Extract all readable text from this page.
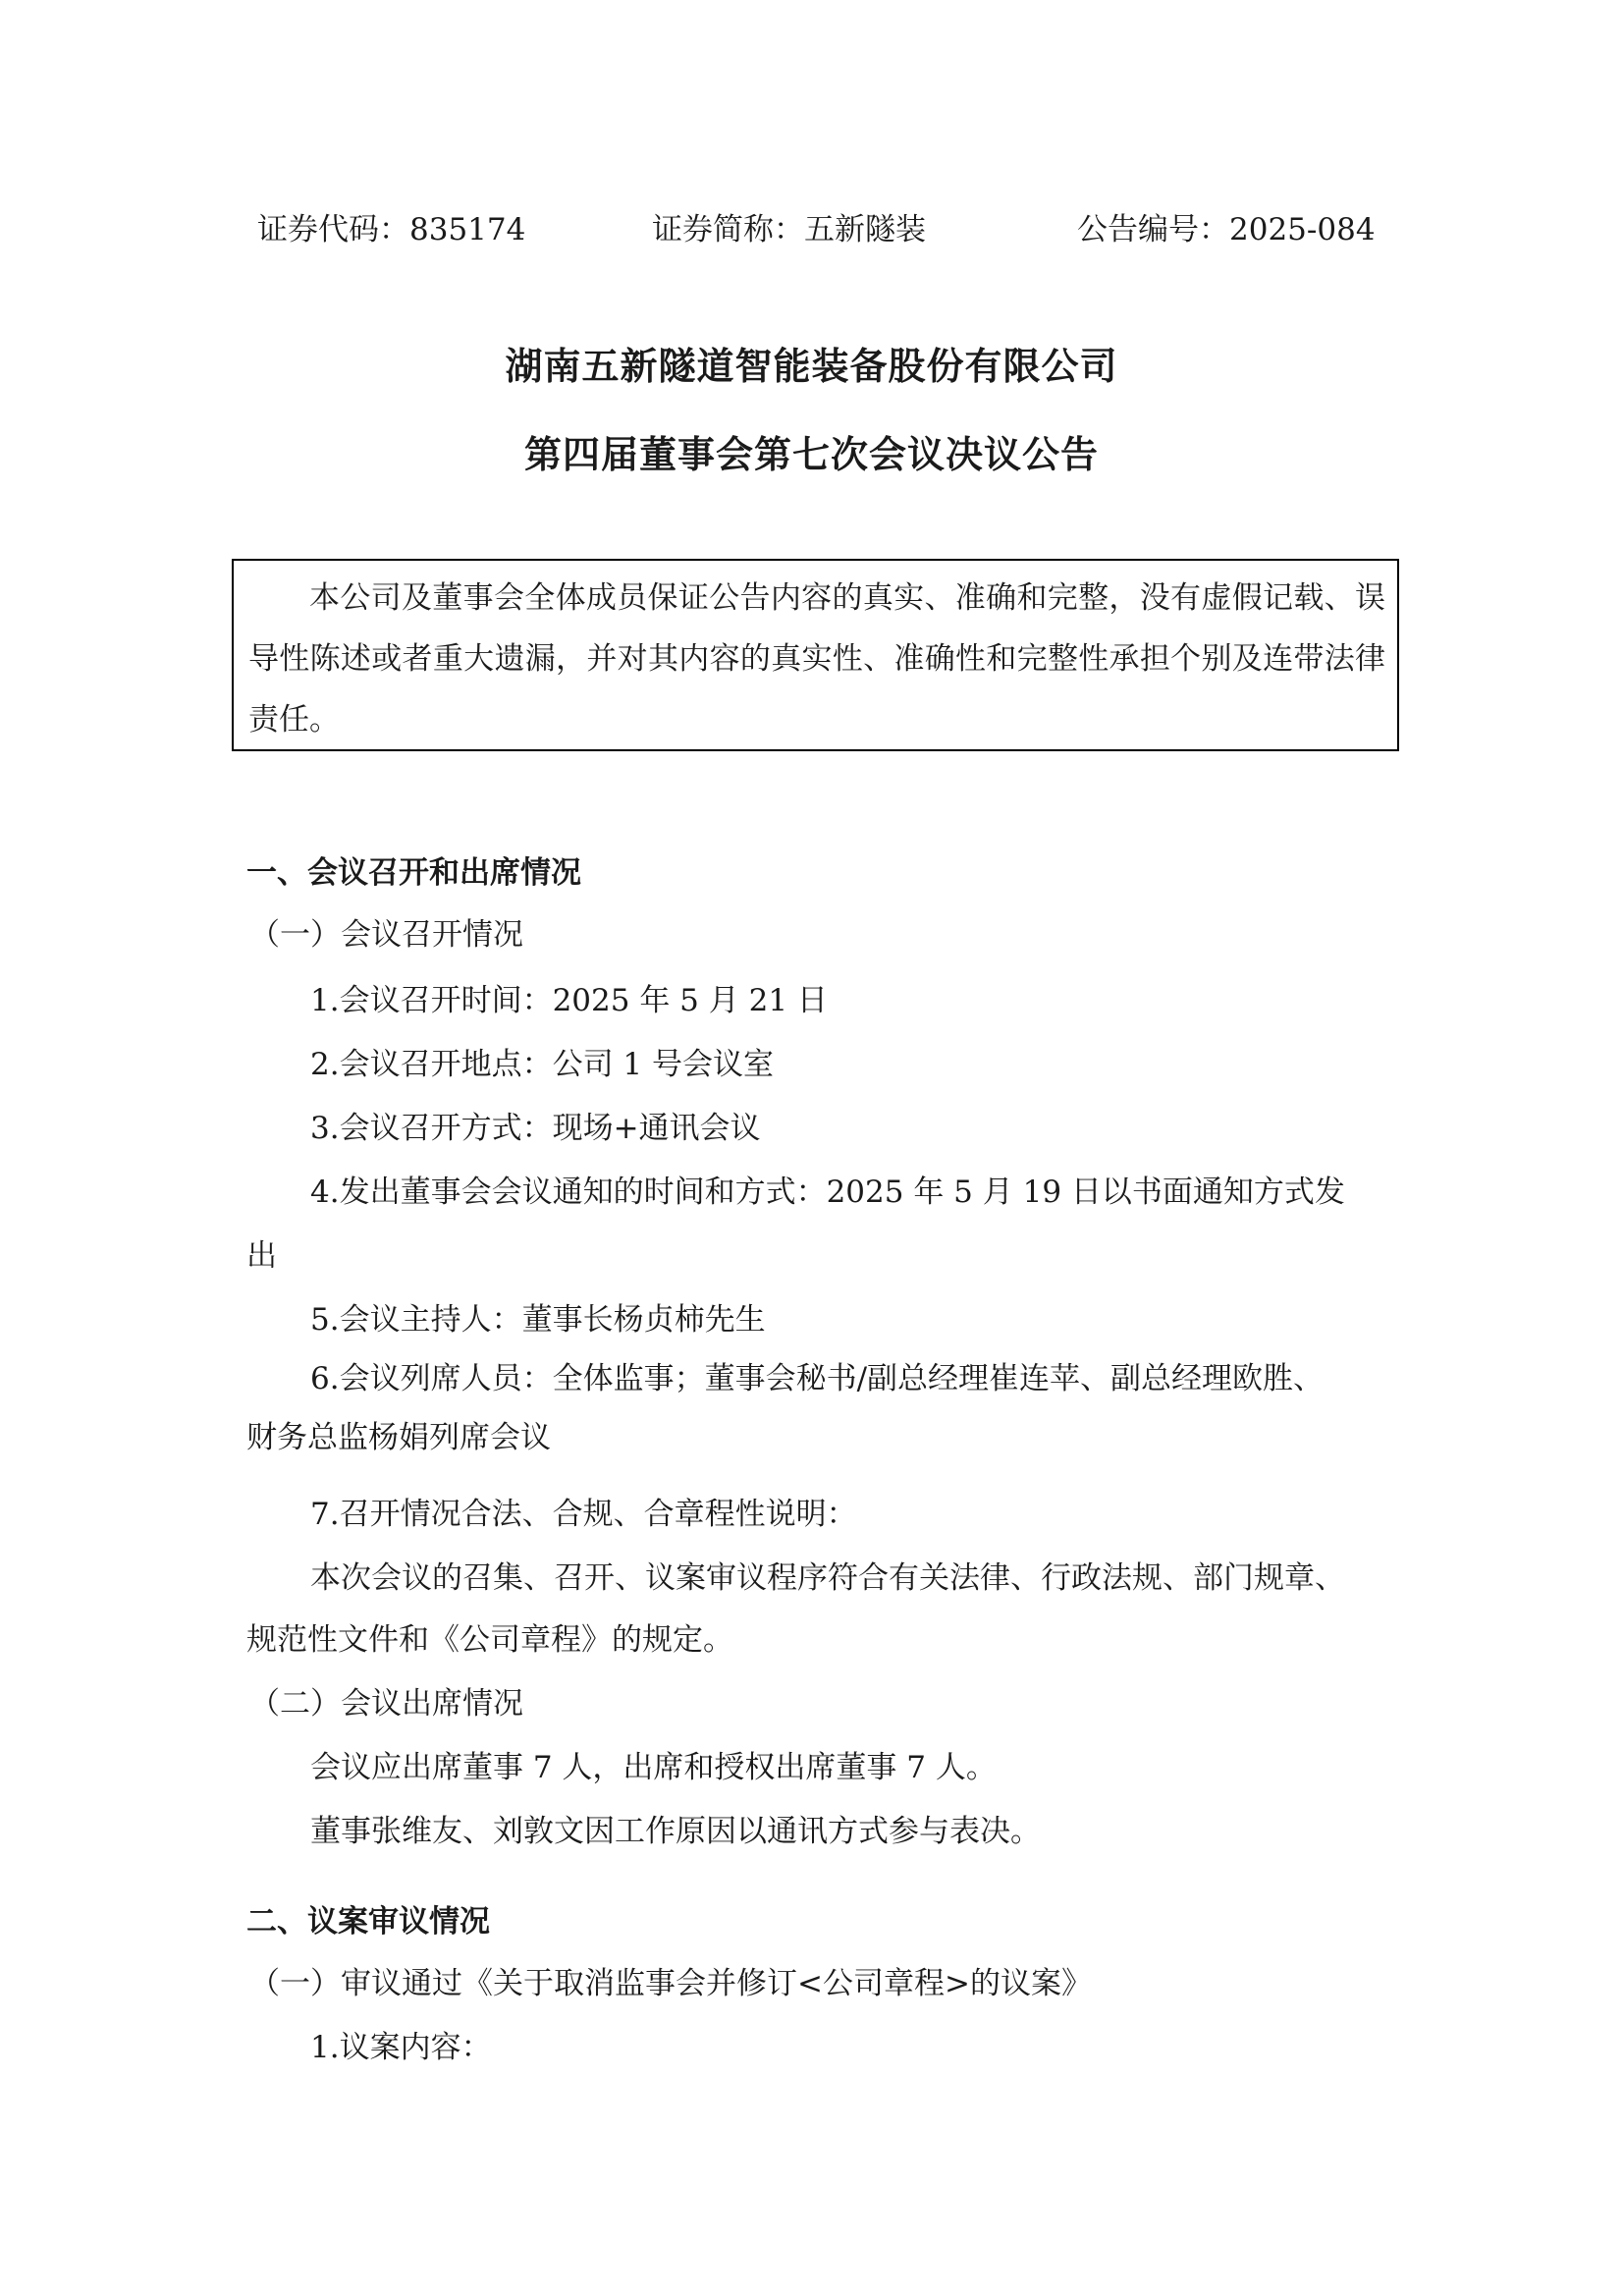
证券代码：835174	证券简称：五新隧装	公告编号：2025-084
湖南五新隧道智能装备股份有限公司
第四届董事会第七次会议决议公告

本公司及董事会全体成员保证公告内容的真实、准确和完整，没有虚假记载、误导性陈述或者重大遗漏，并对其内容的真实性、准确性和完整性承担个别及连带法律责任。

一、会议召开和出席情况
（一）会议召开情况
1.会议召开时间：2025 年 5 月 21 日
2.会议召开地点：公司 1 号会议室
3.会议召开方式：现场+通讯会议
4.发出董事会会议通知的时间和方式：2025 年 5 月 19 日以书面通知方式发
出
5.会议主持人：董事长杨贞柿先生
6.会议列席人员：全体监事；董事会秘书/副总经理崔连苹、副总经理欧胜、
财务总监杨娟列席会议
7.召开情况合法、合规、合章程性说明：
本次会议的召集、召开、议案审议程序符合有关法律、行政法规、部门规章、
规范性文件和《公司章程》的规定。
（二）会议出席情况
会议应出席董事 7 人，出席和授权出席董事 7 人。
董事张维友、刘敦文因工作原因以通讯方式参与表决。
二、议案审议情况
（一）审议通过《关于取消监事会并修订<公司章程>的议案》
1.议案内容：
